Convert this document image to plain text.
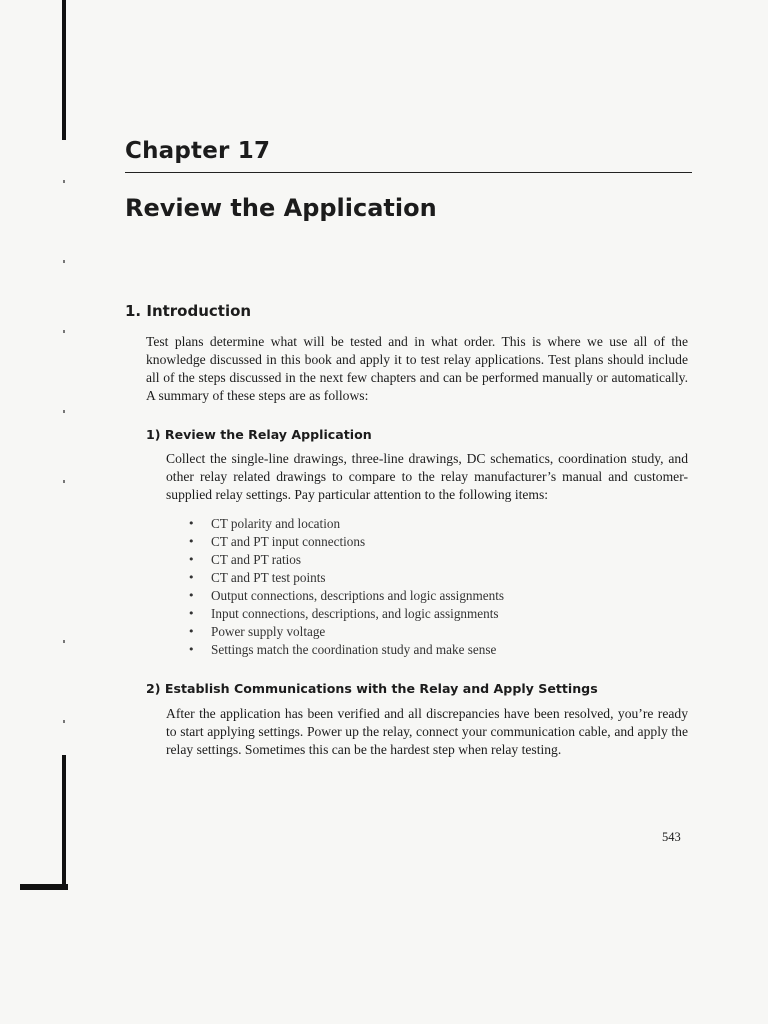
Chapter 17
Review the Application
1. Introduction

Test plans determine what will be tested and in what order. This is where we use all of the knowledge discussed in this book and apply it to test relay applications. Test plans should include all of the steps discussed in the next few chapters and can be performed manually or automatically. A summary of these steps are as follows:

1) Review the Relay Application

Collect the single-line drawings, three-line drawings, DC schematics, coordination study, and other relay related drawings to compare to the relay manufacturer’s manual and customer-supplied relay settings. Pay particular attention to the following items:

• CT polarity and location
• CT and PT input connections
• CT and PT ratios
• CT and PT test points
• Output connections, descriptions and logic assignments
• Input connections, descriptions, and logic assignments
• Power supply voltage
• Settings match the coordination study and make sense
2) Establish Communications with the Relay and Apply Settings

After the application has been verified and all discrepancies have been resolved, you’re ready to start applying settings. Power up the relay, connect your communication cable, and apply the relay settings. Sometimes this can be the hardest step when relay testing.

543
